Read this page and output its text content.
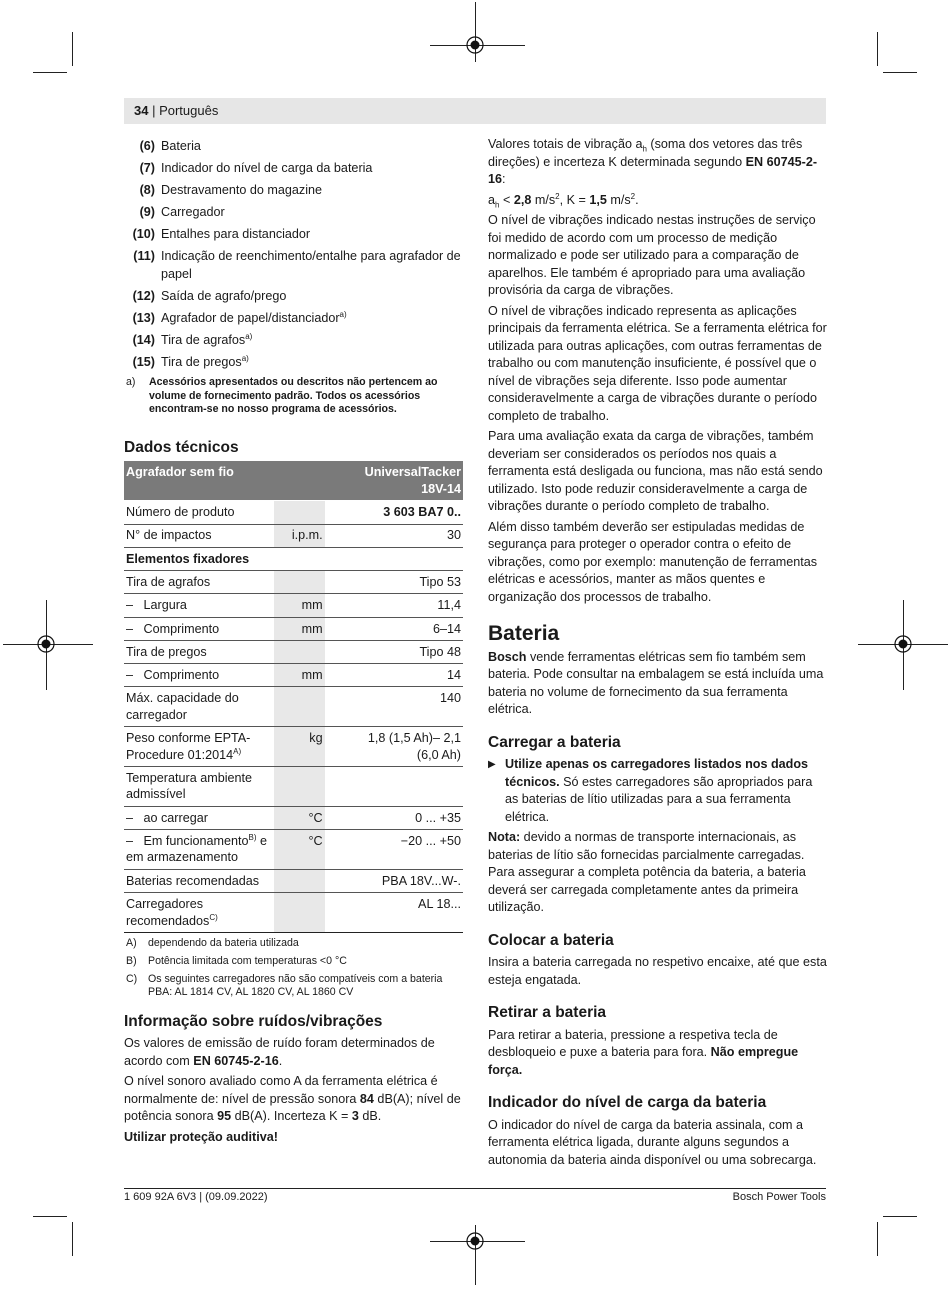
34 | Português
(6) Bateria
(7) Indicador do nível de carga da bateria
(8) Destravamento do magazine
(9) Carregador
(10) Entalhes para distanciador
(11) Indicação de reenchimento/entalhe para agrafador de papel
(12) Saída de agrafo/prego
(13) Agrafador de papel/distanciador$^{a)}$
(14) Tira de agrafos$^{a)}$
(15) Tira de pregos$^{a)}$
a) Acessórios apresentados ou descritos não pertencem ao volume de fornecimento padrão. Todos os acessórios encontram-se no nosso programa de acessórios.
Dados técnicos
Agrafador sem fio		UniversalTacker 18V-14
Número de produto		3 603 BA7 0..
N° de impactos	i.p.m.	30
Elementos fixadores		
Tira de agrafos		Tipo 53
–   Largura	mm	11,4
–   Comprimento	mm	6–14
Tira de pregos		Tipo 48
–   Comprimento	mm	14
Máx. capacidade do carregador		140
Peso conforme EPTA-Procedure $01:2014^{A)}$	kg	1,8 (1,5 Ah)– 2,1 (6,0 Ah)
Temperatura ambiente admissível		
–   ao carregar	°C	0 ... +35
–   Em funcionamento$^{B)}$ e em armazenamento	°C	−20 ... +50
Baterias recomendadas		PBA 18V...W-.
Carregadores recomendados$^{C)}$		AL 18...
A) dependendo da bateria utilizada
B) Potência limitada com temperaturas <0 °C
C) Os seguintes carregadores não são compatíveis com a bateria PBA: AL 1814 CV, AL 1820 CV, AL 1860 CV
Informação sobre ruídos/vibrações

Os valores de emissão de ruído foram determinados de acordo com EN 60745-2-16.

O nível sonoro avaliado como A da ferramenta elétrica é normalmente de: nível de pressão sonora 84 dB(A); nível de potência sonora 95 dB(A). Incerteza K = 3 dB.

Utilizar proteção auditiva!

Valores totais de vibração $a_h$ (soma dos vetores das três direções) e incerteza K determinada segundo EN 60745-2-16:

$a_h < 2,8$ $m/s^2$, K = 1,5 $m/s^2$.

O nível de vibrações indicado nestas instruções de serviço foi medido de acordo com um processo de medição normalizado e pode ser utilizado para a comparação de aparelhos. Ele também é apropriado para uma avaliação provisória da carga de vibrações.

O nível de vibrações indicado representa as aplicações principais da ferramenta elétrica. Se a ferramenta elétrica for utilizada para outras aplicações, com outras ferramentas de trabalho ou com manutenção insuficiente, é possível que o nível de vibrações seja diferente. Isso pode aumentar consideravelmente a carga de vibrações durante o período completo de trabalho.

Para uma avaliação exata da carga de vibrações, também deveriam ser considerados os períodos nos quais a ferramenta está desligada ou funciona, mas não está sendo utilizado. Isto pode reduzir consideravelmente a carga de vibrações durante o período completo de trabalho.

Além disso também deverão ser estipuladas medidas de segurança para proteger o operador contra o efeito de vibrações, como por exemplo: manutenção de ferramentas elétricas e acessórios, manter as mãos quentes e organização dos processos de trabalho.

Bateria

Bosch vende ferramentas elétricas sem fio também sem bateria. Pode consultar na embalagem se está incluída uma bateria no volume de fornecimento da sua ferramenta elétrica.

Carregar a bateria
▶ Utilize apenas os carregadores listados nos dados técnicos. Só estes carregadores são apropriados para as baterias de lítio utilizadas para a sua ferramenta elétrica.

Nota: devido a normas de transporte internacionais, as baterias de lítio são fornecidas parcialmente carregadas. Para assegurar a completa potência da bateria, a bateria deverá ser carregada completamente antes da primeira utilização.

Colocar a bateria

Insira a bateria carregada no respetivo encaixe, até que esta esteja engatada.

Retirar a bateria

Para retirar a bateria, pressione a respetiva tecla de desbloqueio e puxe a bateria para fora. Não empregue força.

Indicador do nível de carga da bateria

O indicador do nível de carga da bateria assinala, com a ferramenta elétrica ligada, durante alguns segundos a autonomia da bateria ainda disponível ou uma sobrecarga.

1 609 92A 6V3 | (09.09.2022)	Bosch Power Tools
